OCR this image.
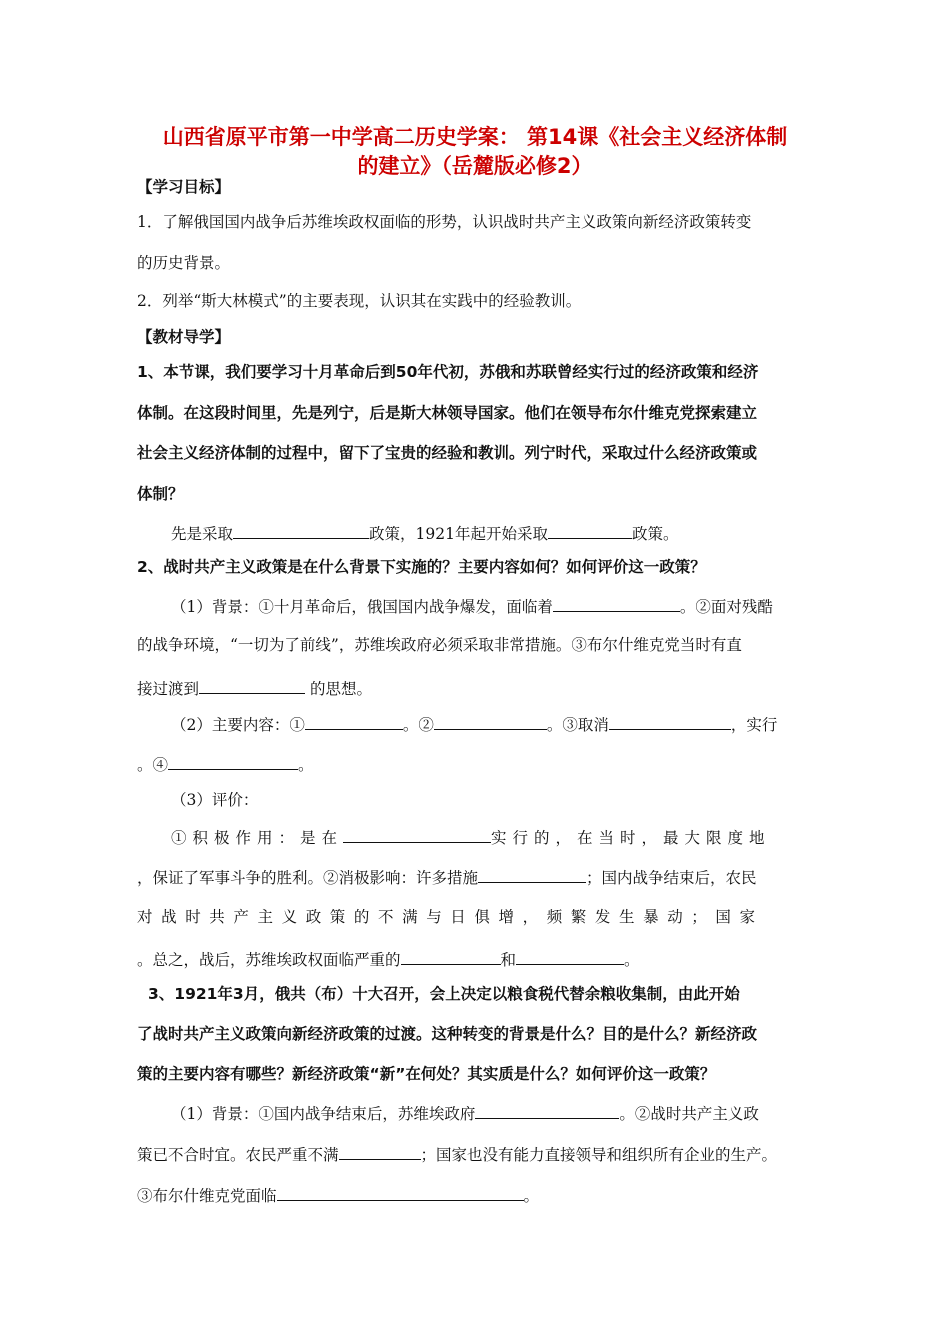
山西省原平市第一中学高二历史学案： 第14课《社会主义经济体制
的建立》（岳麓版必修2）
【学习目标】
1．了解俄国国内战争后苏维埃政权面临的形势，认识战时共产主义政策向新经济政策转变
的历史背景。
2．列举“斯大林模式”的主要表现，认识其在实践中的经验教训。
【教材导学】
1、本节课，我们要学习十月革命后到50年代初，苏俄和苏联曾经实行过的经济政策和经济
体制。在这段时间里，先是列宁，后是斯大林领导国家。他们在领导布尔什维克党探索建立
社会主义经济体制的过程中，留下了宝贵的经验和教训。列宁时代，采取过什么经济政策或
体制？
先是采取	政策，1921年起开始采取	政策。
2、战时共产主义政策是在什么背景下实施的？主要内容如何？如何评价这一政策？
（1）背景：①十月革命后，俄国国内战争爆发，面临着	。②面对残酷
的战争环境，“一切为了前线”，苏维埃政府必须采取非常措施。③布尔什维克党当时有直
接过渡到	的思想。
（2）主要内容：①	。②	。③取消	，实行
。④	。
（3）评价：
①积极作用：是在	实行的，在当时，最大限度地
，保证了军事斗争的胜利。②消极影响：许多措施	；国内战争结束后，农民
对战时共产主义政策的不满与日俱增，频繁发生暴动；国家
。总之，战后，苏维埃政权面临严重的	和	。
3、1921年3月，俄共（布）十大召开，会上决定以粮食税代替余粮收集制，由此开始
了战时共产主义政策向新经济政策的过渡。这种转变的背景是什么？目的是什么？新经济政
策的主要内容有哪些？新经济政策“新”在何处？其实质是什么？如何评价这一政策？
（1）背景：①国内战争结束后，苏维埃政府	。②战时共产主义政
策已不合时宜。农民严重不满	；国家也没有能力直接领导和组织所有企业的生产。
③布尔什维克党面临	。
